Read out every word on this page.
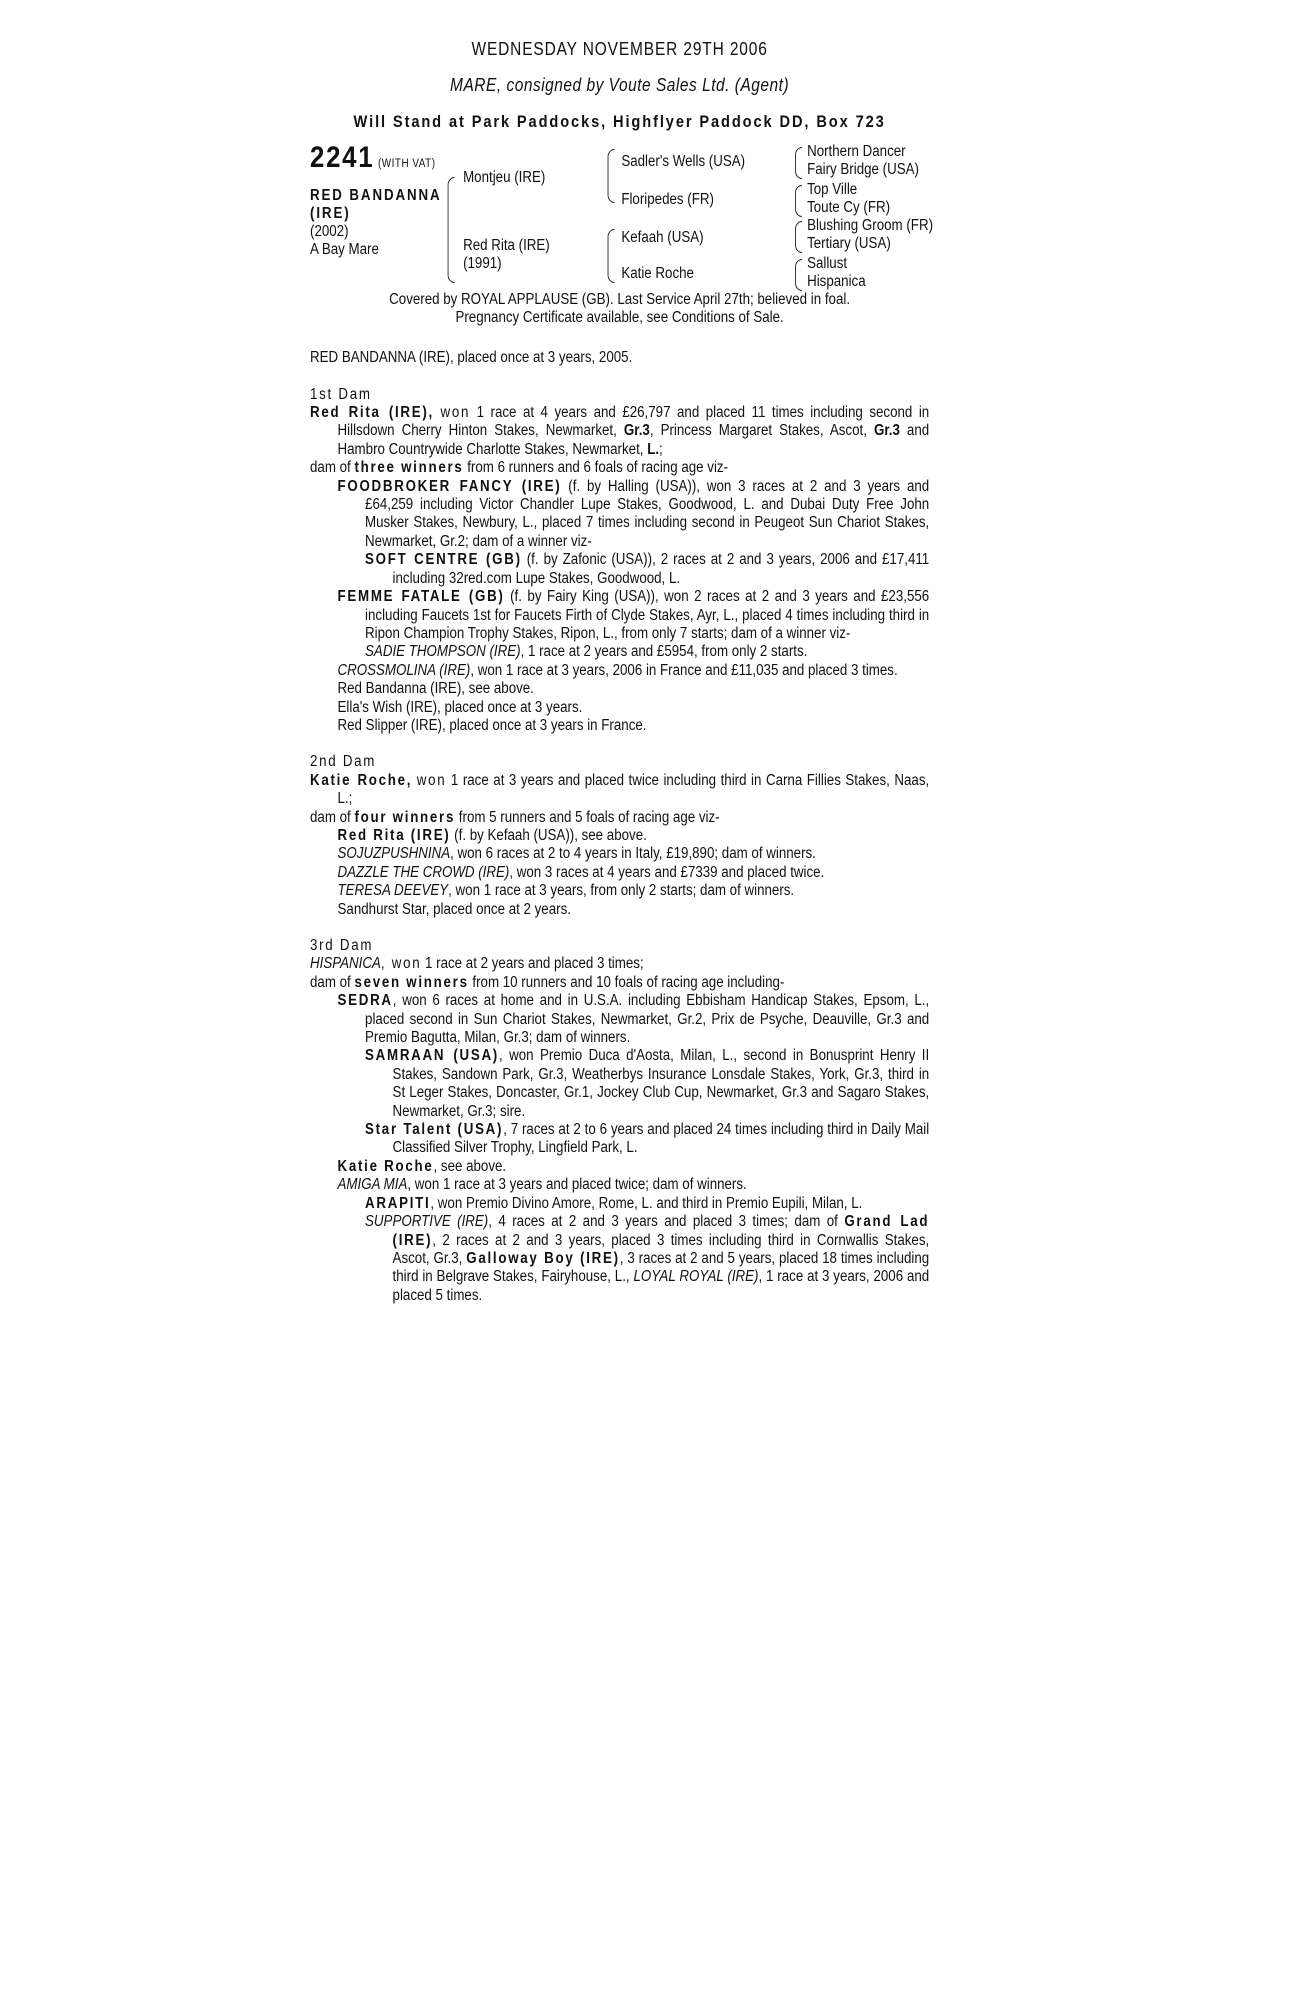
WEDNESDAY NOVEMBER 29TH 2006
MARE, consigned by Voute Sales Ltd. (Agent)
Will Stand at Park Paddocks, Highflyer Paddock DD, Box 723
2241 (WITH VAT)
RED BANDANNA
(IRE)
(2002)
A Bay Mare
Montjeu (IRE)
Red Rita (IRE)
(1991)
Sadler's Wells (USA)
Floripedes (FR)
Kefaah (USA)
Katie Roche
Northern Dancer
Fairy Bridge (USA)
Top Ville
Toute Cy (FR)
Blushing Groom (FR)
Tertiary (USA)
Sallust
Hispanica
Covered by ROYAL APPLAUSE (GB). Last Service April 27th; believed in foal.
Pregnancy Certificate available, see Conditions of Sale.

RED BANDANNA (IRE), placed once at 3 years, 2005.

1st Dam

Red Rita (IRE), won 1 race at 4 years and £26,797 and placed 11 times including second in Hillsdown Cherry Hinton Stakes, Newmarket, Gr.3, Princess Margaret Stakes, Ascot, Gr.3 and Hambro Countrywide Charlotte Stakes, Newmarket, L.;

dam of three winners from 6 runners and 6 foals of racing age viz-

FOODBROKER FANCY (IRE) (f. by Halling (USA)), won 3 races at 2 and 3 years and £64,259 including Victor Chandler Lupe Stakes, Goodwood, L. and Dubai Duty Free John Musker Stakes, Newbury, L., placed 7 times including second in Peugeot Sun Chariot Stakes, Newmarket, Gr.2; dam of a winner viz-

SOFT CENTRE (GB) (f. by Zafonic (USA)), 2 races at 2 and 3 years, 2006 and £17,411 including 32red.com Lupe Stakes, Goodwood, L.

FEMME FATALE (GB) (f. by Fairy King (USA)), won 2 races at 2 and 3 years and £23,556 including Faucets 1st for Faucets Firth of Clyde Stakes, Ayr, L., placed 4 times including third in Ripon Champion Trophy Stakes, Ripon, L., from only 7 starts; dam of a winner viz-

SADIE THOMPSON (IRE), 1 race at 2 years and £5954, from only 2 starts.

CROSSMOLINA (IRE), won 1 race at 3 years, 2006 in France and £11,035 and placed 3 times.

Red Bandanna (IRE), see above.

Ella's Wish (IRE), placed once at 3 years.

Red Slipper (IRE), placed once at 3 years in France.

2nd Dam

Katie Roche, won 1 race at 3 years and placed twice including third in Carna Fillies Stakes, Naas, L.;

dam of four winners from 5 runners and 5 foals of racing age viz-

Red Rita (IRE) (f. by Kefaah (USA)), see above.

SOJUZPUSHNINA, won 6 races at 2 to 4 years in Italy, £19,890; dam of winners.

DAZZLE THE CROWD (IRE), won 3 races at 4 years and £7339 and placed twice.

TERESA DEEVEY, won 1 race at 3 years, from only 2 starts; dam of winners.

Sandhurst Star, placed once at 2 years.

3rd Dam

HISPANICA, won 1 race at 2 years and placed 3 times;

dam of seven winners from 10 runners and 10 foals of racing age including-

SEDRA, won 6 races at home and in U.S.A. including Ebbisham Handicap Stakes, Epsom, L., placed second in Sun Chariot Stakes, Newmarket, Gr.2, Prix de Psyche, Deauville, Gr.3 and Premio Bagutta, Milan, Gr.3; dam of winners.

SAMRAAN (USA), won Premio Duca d'Aosta, Milan, L., second in Bonusprint Henry II Stakes, Sandown Park, Gr.3, Weatherbys Insurance Lonsdale Stakes, York, Gr.3, third in St Leger Stakes, Doncaster, Gr.1, Jockey Club Cup, Newmarket, Gr.3 and Sagaro Stakes, Newmarket, Gr.3; sire.

Star Talent (USA), 7 races at 2 to 6 years and placed 24 times including third in Daily Mail Classified Silver Trophy, Lingfield Park, L.

Katie Roche, see above.

AMIGA MIA, won 1 race at 3 years and placed twice; dam of winners.

ARAPITI, won Premio Divino Amore, Rome, L. and third in Premio Eupili, Milan, L.

SUPPORTIVE (IRE), 4 races at 2 and 3 years and placed 3 times; dam of Grand Lad (IRE), 2 races at 2 and 3 years, placed 3 times including third in Cornwallis Stakes, Ascot, Gr.3, Galloway Boy (IRE), 3 races at 2 and 5 years, placed 18 times including third in Belgrave Stakes, Fairyhouse, L., LOYAL ROYAL (IRE), 1 race at 3 years, 2006 and placed 5 times.
